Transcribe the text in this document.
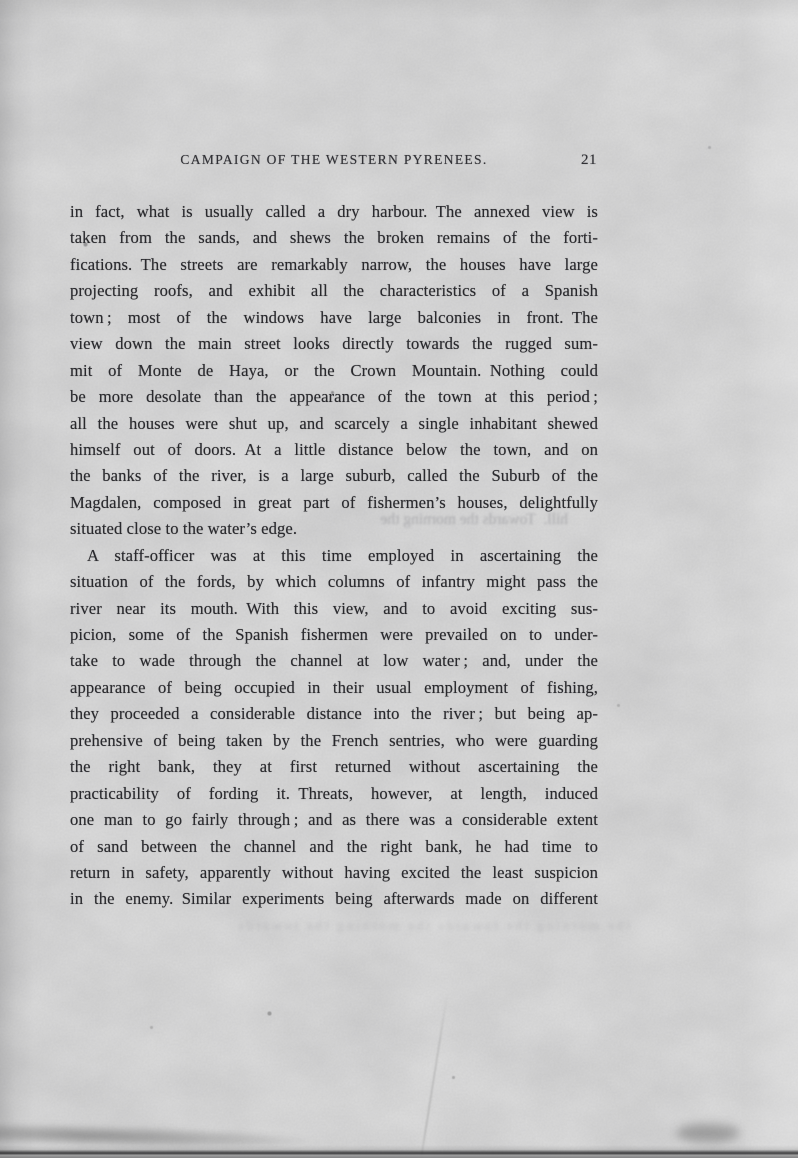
hill. Towards the morning the
the morning the towards the morning the towards
CAMPAIGN OF THE WESTERN PYRENEES.	21
in fact, what is usually called a dry harbour. The annexed view is
taken from the sands, and shews the broken remains of the forti-
fications. The streets are remarkably narrow, the houses have large
projecting roofs, and exhibit all the characteristics of a Spanish
town ; most of the windows have large balconies in front. The
view down the main street looks directly towards the rugged sum-
mit of Monte de Haya, or the Crown Mountain. Nothing could
be more desolate than the appearance of the town at this period ;
all the houses were shut up, and scarcely a single inhabitant shewed
himself out of doors. At a little distance below the town, and on
the banks of the river, is a large suburb, called the Suburb of the
Magdalen, composed in great part of fishermen’s houses, delightfully
situated close to the water’s edge.
A staff-officer was at this time employed in ascertaining the
situation of the fords, by which columns of infantry might pass the
river near its mouth. With this view, and to avoid exciting sus-
picion, some of the Spanish fishermen were prevailed on to under-
take to wade through the channel at low water ; and, under the
appearance of being occupied in their usual employment of fishing,
they proceeded a considerable distance into the river ; but being ap-
prehensive of being taken by the French sentries, who were guarding
the right bank, they at first returned without ascertaining the
practicability of fording it. Threats, however, at length, induced
one man to go fairly through ; and as there was a considerable extent
of sand between the channel and the right bank, he had time to
return in safety, apparently without having excited the least suspicion
in the enemy. Similar experiments being afterwards made on different
